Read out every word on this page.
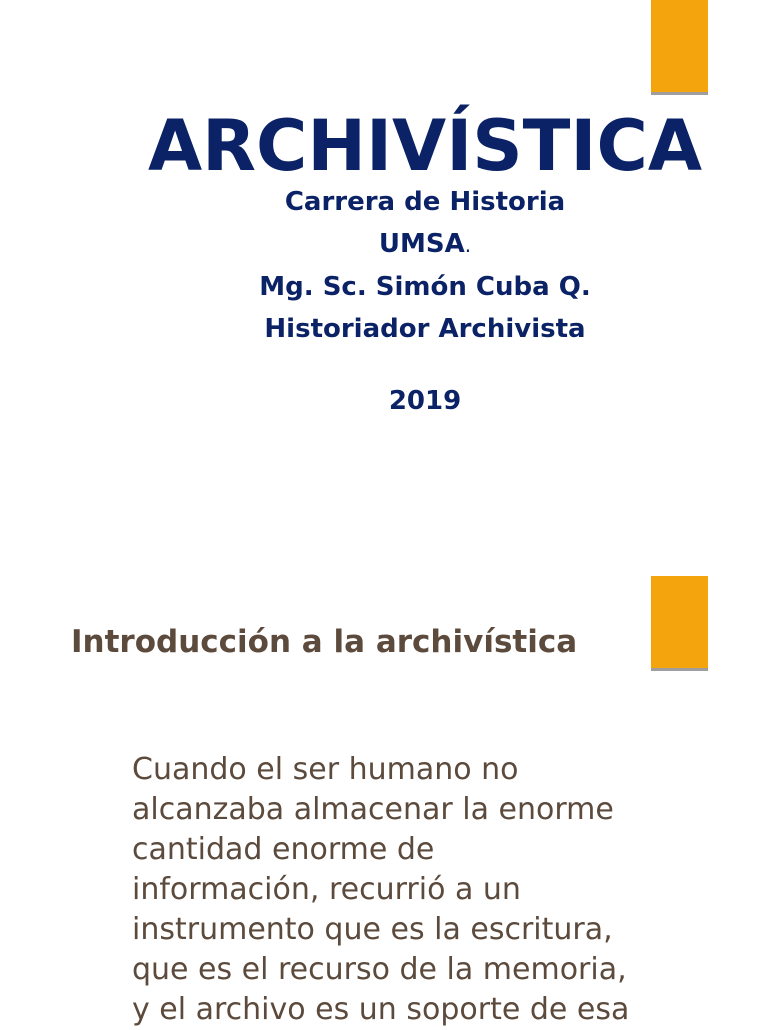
ARCHIVÍSTICA
Carrera de Historia
UMSA.
Mg. Sc. Simón Cuba Q.
Historiador Archivista
2019
Introducción a la archivística

Cuando el ser humano no
alcanzaba almacenar la enorme
cantidad enorme de
información, recurrió a un
instrumento que es la escritura,
que es el recurso de la memoria,
y el archivo es un soporte de esa
